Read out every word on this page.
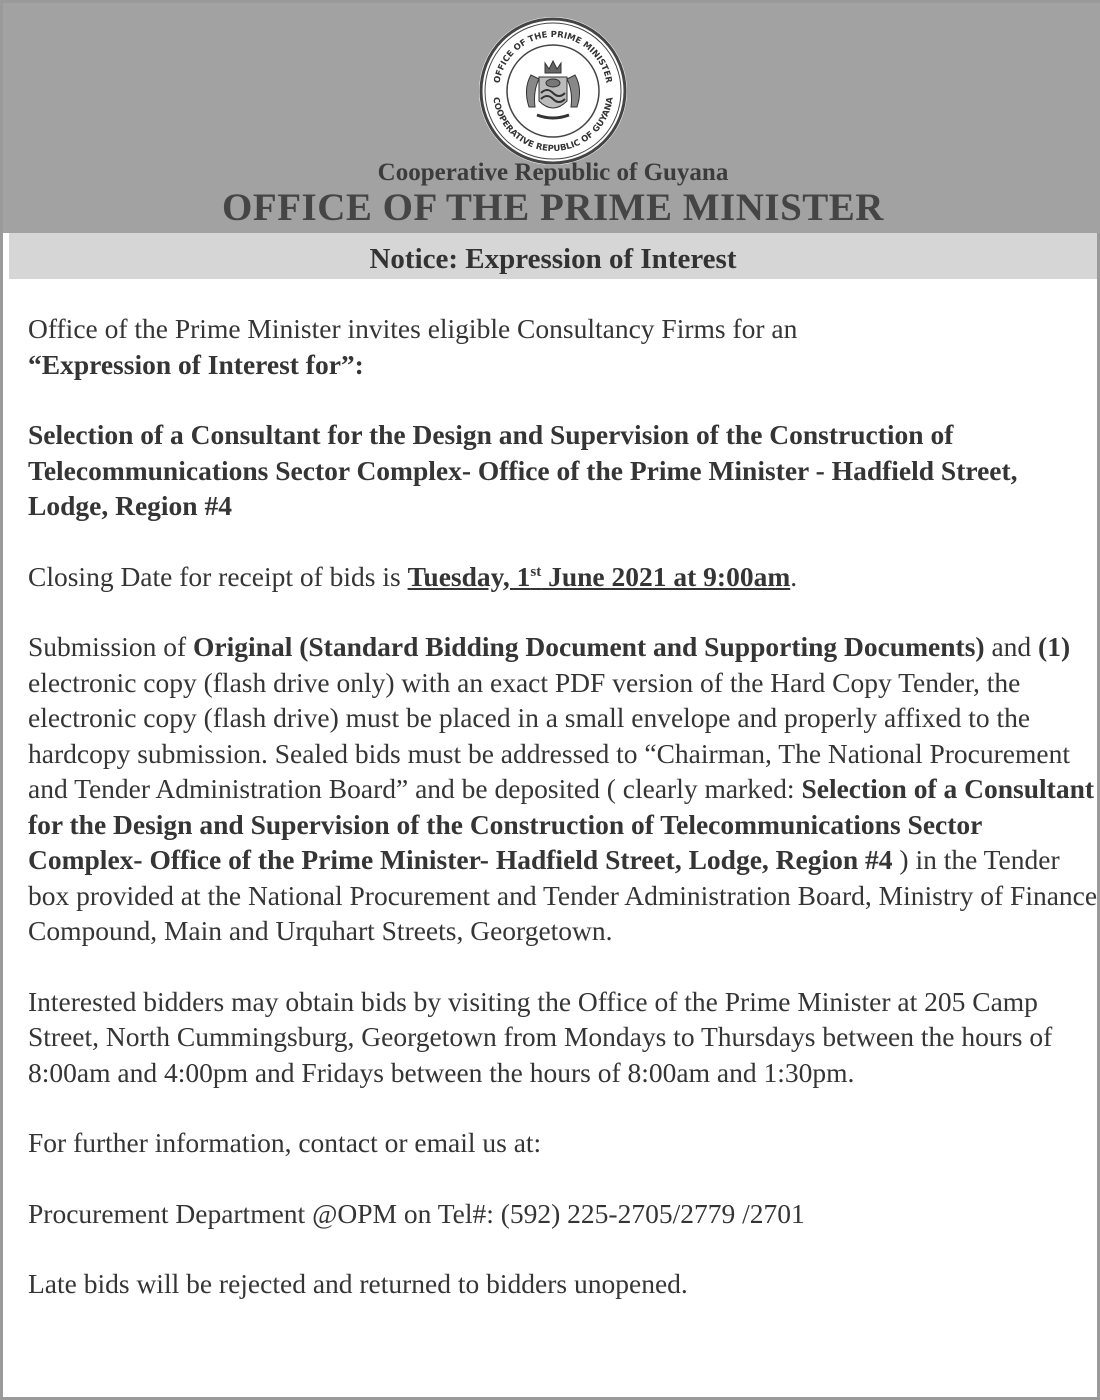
OFFICE OF THE PRIME MINISTER
COOPERATIVE REPUBLIC OF GUYANA
Cooperative Republic of Guyana
OFFICE OF THE PRIME MINISTER
Notice: Expression of Interest

Office of the Prime Minister invites eligible Consultancy Firms for an
“Expression of Interest for”:

Selection of a Consultant for the Design and Supervision of the Construction of Telecommunications Sector Complex- Office of the Prime Minister - Hadfield Street, Lodge, Region #4

Closing Date for receipt of bids is Tuesday, 1st June 2021 at 9:00am.

Submission of Original (Standard Bidding Document and Supporting Documents) and (1) electronic copy (flash drive only) with an exact PDF version of the Hard Copy Tender, the electronic copy (flash drive) must be placed in a small envelope and properly affixed to the hardcopy submission. Sealed bids must be addressed to “Chairman, The National Procurement and Tender Administration Board” and be deposited ( clearly marked: Selection of a Consultant for the Design and Supervision of the Construction of Telecommunications Sector Complex- Office of the Prime Minister- Hadfield Street, Lodge, Region #4 ) in the Tender box provided at the National Procurement and Tender Administration Board, Ministry of Finance Compound, Main and Urquhart Streets, Georgetown.

Interested bidders may obtain bids by visiting the Office of the Prime Minister at 205 Camp Street, North Cummingsburg, Georgetown from Mondays to Thursdays between the hours of 8:00am and 4:00pm and Fridays between the hours of 8:00am and 1:30pm.

For further information, contact or email us at:

Procurement Department @OPM on Tel#: (592) 225-2705/2779 /2701

Late bids will be rejected and returned to bidders unopened.
